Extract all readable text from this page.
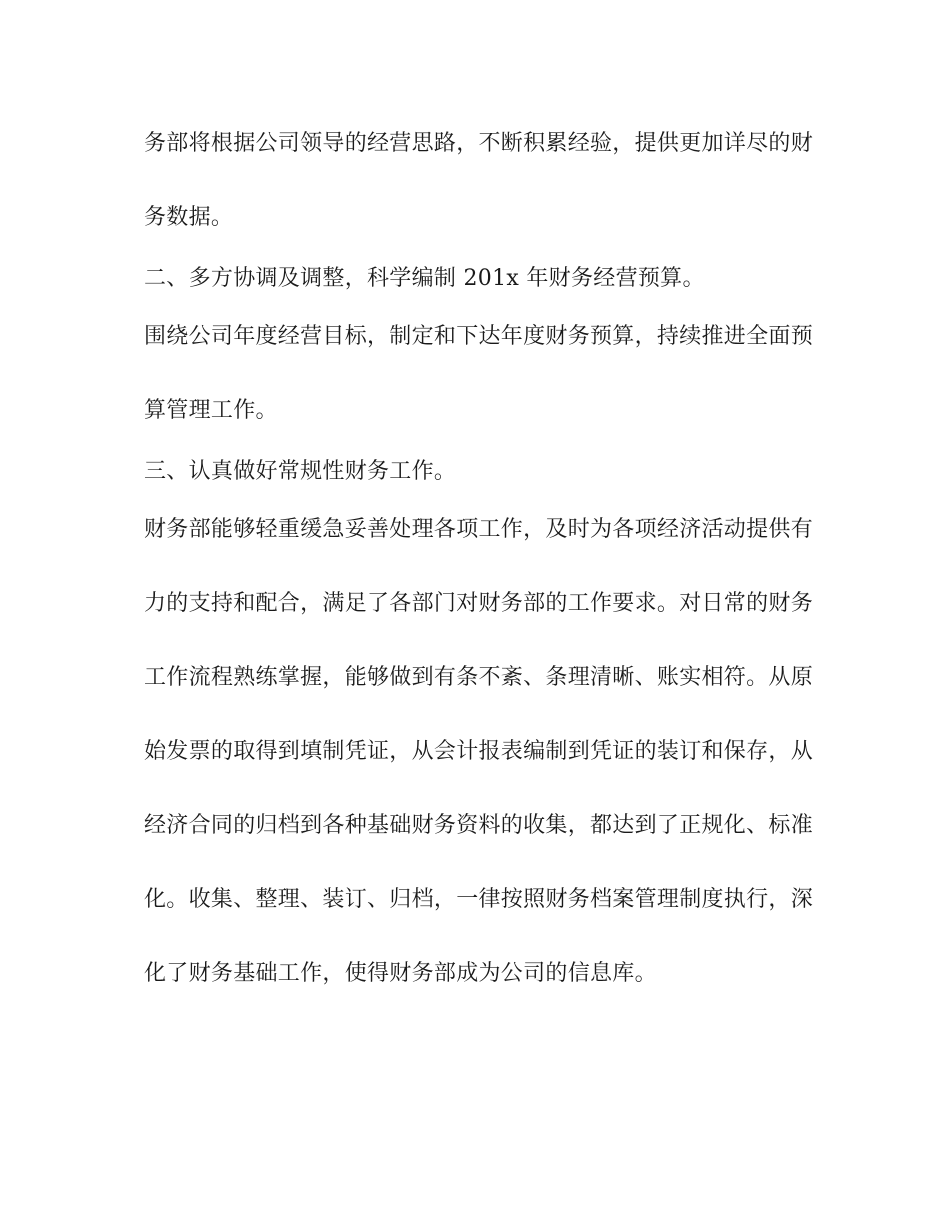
务部将根据公司领导的经营思路，不断积累经验，提供更加详尽的财
务数据。
二、多方协调及调整，科学编制 201x 年财务经营预算。
围绕公司年度经营目标，制定和下达年度财务预算，持续推进全面预
算管理工作。
三、认真做好常规性财务工作。
财务部能够轻重缓急妥善处理各项工作，及时为各项经济活动提供有
力的支持和配合，满足了各部门对财务部的工作要求。对日常的财务
工作流程熟练掌握，能够做到有条不紊、条理清晰、账实相符。从原
始发票的取得到填制凭证，从会计报表编制到凭证的装订和保存，从
经济合同的归档到各种基础财务资料的收集，都达到了正规化、标准
化。收集、整理、装订、归档，一律按照财务档案管理制度执行，深
化了财务基础工作，使得财务部成为公司的信息库。
